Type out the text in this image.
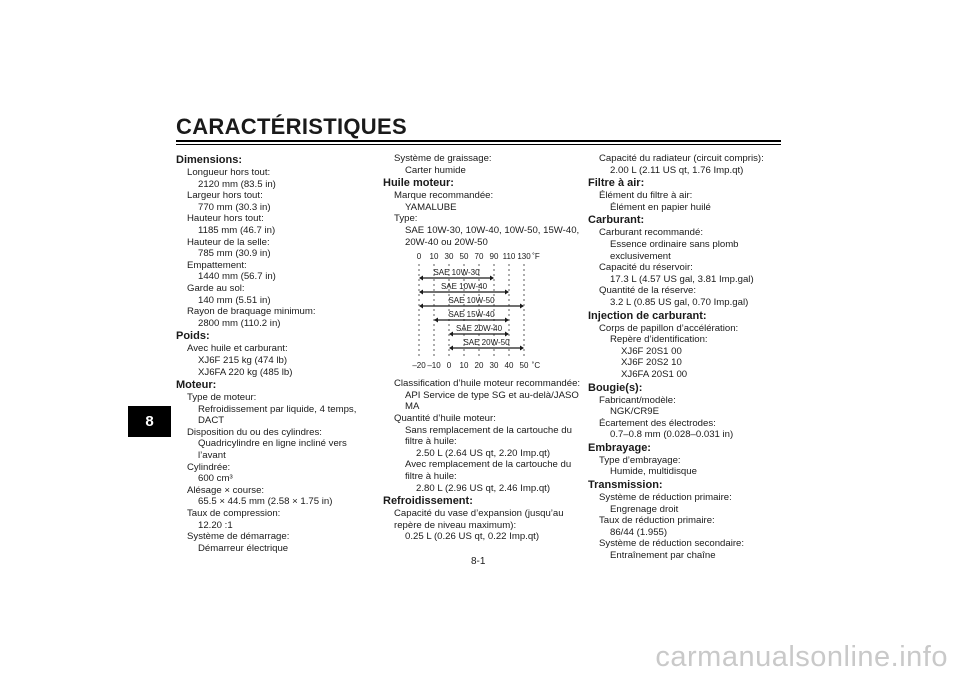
CARACTÉRISTIQUES
8
Dimensions:
Longueur hors tout:
2120 mm (83.5 in)
Largeur hors tout:
770 mm (30.3 in)
Hauteur hors tout:
1185 mm (46.7 in)
Hauteur de la selle:
785 mm (30.9 in)
Empattement:
1440 mm (56.7 in)
Garde au sol:
140 mm (5.51 in)
Rayon de braquage minimum:
2800 mm (110.2 in)
Poids:
Avec huile et carburant:
XJ6F 215 kg (474 lb)
XJ6FA 220 kg (485 lb)
Moteur:
Type de moteur:
Refroidissement par liquide, 4 temps,
DACT
Disposition du ou des cylindres:
Quadricylindre en ligne incliné vers l’avant
Cylindrée:
600 cm³
Alésage × course:
65.5 × 44.5 mm (2.58 × 1.75 in)
Taux de compression:
12.20 :1
Système de démarrage:
Démarreur électrique
Système de graissage:
Carter humide
Huile moteur:
Marque recommandée:
YAMALUBE
Type:
SAE 10W-30, 10W-40, 10W-50, 15W-40,
20W-40 ou 20W-50
0
–20
10
–10
30
0
50
10
70
20
90
30
110
40
130
50
˚F
˚C
SAE 10W-30
SAE 10W-40
SAE 10W-50
SAE 15W-40
SAE 20W-40
SAE 20W-50
Classification d’huile moteur recommandée:
API Service de type SG et au-delà/JASO
MA
Quantité d’huile moteur:
Sans remplacement de la cartouche du
filtre à huile:
2.50 L (2.64 US qt, 2.20 Imp.qt)
Avec remplacement de la cartouche du
filtre à huile:
2.80 L (2.96 US qt, 2.46 Imp.qt)
Refroidissement:
Capacité du vase d’expansion (jusqu’au
repère de niveau maximum):
0.25 L (0.26 US qt, 0.22 Imp.qt)
Capacité du radiateur (circuit compris):
2.00 L (2.11 US qt, 1.76 Imp.qt)
Filtre à air:
Élément du filtre à air:
Élément en papier huilé
Carburant:
Carburant recommandé:
Essence ordinaire sans plomb
exclusivement
Capacité du réservoir:
17.3 L (4.57 US gal, 3.81 Imp.gal)
Quantité de la réserve:
3.2 L (0.85 US gal, 0.70 Imp.gal)
Injection de carburant:
Corps de papillon d’accélération:
Repère d’identification:
XJ6F 20S1 00
XJ6F 20S2 10
XJ6FA 20S1 00
Bougie(s):
Fabricant/modèle:
NGK/CR9E
Écartement des électrodes:
0.7–0.8 mm (0.028–0.031 in)
Embrayage:
Type d’embrayage:
Humide, multidisque
Transmission:
Système de réduction primaire:
Engrenage droit
Taux de réduction primaire:
86/44 (1.955)
Système de réduction secondaire:
Entraînement par chaîne
8-1
carmanualsonline.info
